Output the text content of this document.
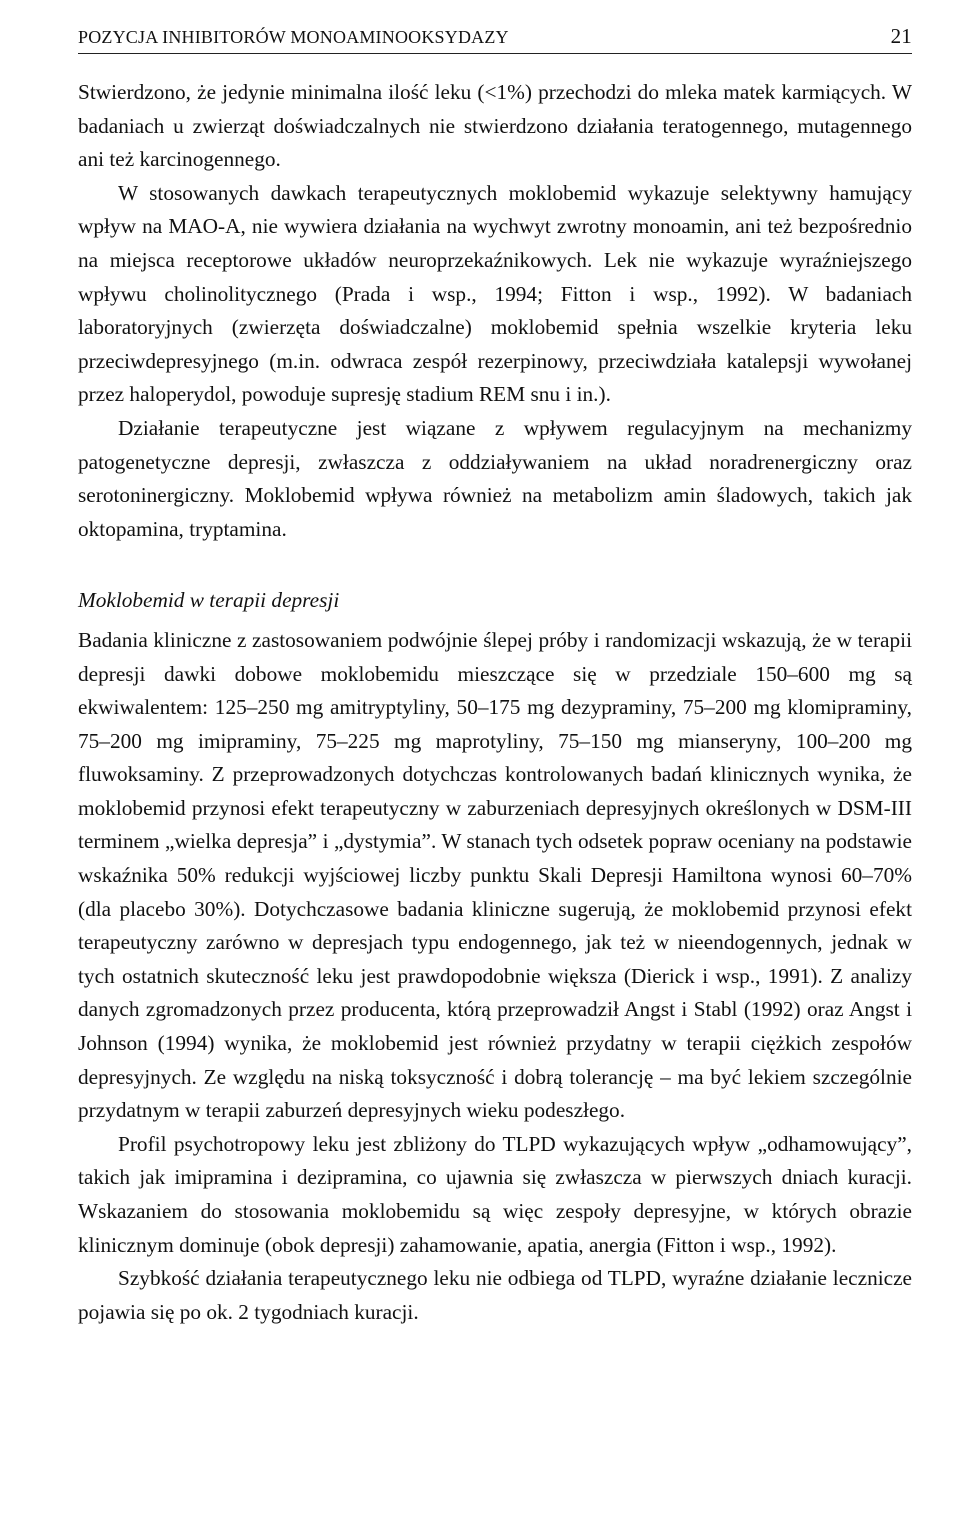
POZYCJA INHIBITORÓW MONOAMINOOKSYDAZY	21

Stwierdzono, że jedynie minimalna ilość leku (<1%) przechodzi do mleka matek karmiących. W badaniach u zwierząt doświadczalnych nie stwierdzono działania teratogennego, mutagennego ani też karcinogennego.

W stosowanych dawkach terapeutycznych moklobemid wykazuje selektywny hamujący wpływ na MAO-A, nie wywiera działania na wychwyt zwrotny monoamin, ani też bezpośrednio na miejsca receptorowe układów neuroprzekaźnikowych. Lek nie wykazuje wyraźniejszego wpływu cholinolitycznego (Prada i wsp., 1994; Fitton i wsp., 1992). W badaniach laboratoryjnych (zwierzęta doświadczalne) moklobemid spełnia wszelkie kryteria leku przeciwdepresyjnego (m.in. odwraca zespół rezerpinowy, przeciwdziała katalepsji wywołanej przez haloperydol, powoduje supresję stadium REM snu i in.).

Działanie terapeutyczne jest wiązane z wpływem regulacyjnym na mechanizmy patogenetyczne depresji, zwłaszcza z oddziaływaniem na układ noradrenergiczny oraz serotoninergiczny. Moklobemid wpływa również na metabolizm amin śladowych, takich jak oktopamina, tryptamina.

Moklobemid w terapii depresji

Badania kliniczne z zastosowaniem podwójnie ślepej próby i randomizacji wskazują, że w terapii depresji dawki dobowe moklobemidu mieszczące się w przedziale 150–600 mg są ekwiwalentem: 125–250 mg amitryptyliny, 50–175 mg dezypraminy, 75–200 mg klomipraminy, 75–200 mg imipraminy, 75–225 mg maprotyliny, 75–150 mg mianseryny, 100–200 mg fluwoksaminy. Z przeprowadzonych dotychczas kontrolowanych badań klinicznych wynika, że moklobemid przynosi efekt terapeutyczny w zaburzeniach depresyjnych określonych w DSM-III terminem „wielka depresja” i „dystymia”. W stanach tych odsetek popraw oceniany na podstawie wskaźnika 50% redukcji wyjściowej liczby punktu Skali Depresji Hamiltona wynosi 60–70% (dla placebo 30%). Dotychczasowe badania kliniczne sugerują, że moklobemid przynosi efekt terapeutyczny zarówno w depresjach typu endogennego, jak też w nieendogennych, jednak w tych ostatnich skuteczność leku jest prawdopodobnie większa (Dierick i wsp., 1991). Z analizy danych zgromadzonych przez producenta, którą przeprowadził Angst i Stabl (1992) oraz Angst i Johnson (1994) wynika, że moklobemid jest również przydatny w terapii ciężkich zespołów depresyjnych. Ze względu na niską toksyczność i dobrą tolerancję – ma być lekiem szczególnie przydatnym w terapii zaburzeń depresyjnych wieku podeszłego.

Profil psychotropowy leku jest zbliżony do TLPD wykazujących wpływ „odhamowujący”, takich jak imipramina i dezipramina, co ujawnia się zwłaszcza w pierwszych dniach kuracji. Wskazaniem do stosowania moklobemidu są więc zespoły depresyjne, w których obrazie klinicznym dominuje (obok depresji) zahamowanie, apatia, anergia (Fitton i wsp., 1992).

Szybkość działania terapeutycznego leku nie odbiega od TLPD, wyraźne działanie lecznicze pojawia się po ok. 2 tygodniach kuracji.
